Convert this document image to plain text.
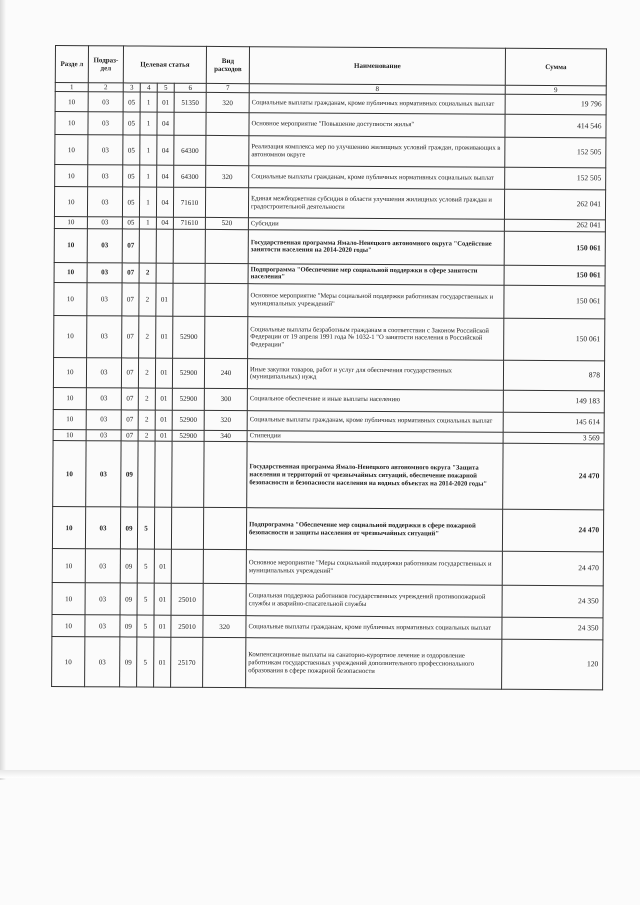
Разде л	Подраз- дел	Целевая статья				Вид расходов	Наименование	Сумма
1	2	3	4	5	6	7	8	9
10	03	05	1	01	51350	320	Социальные выплаты гражданам, кроме публичных нормативных социальных выплат	19 796
10	03	05	1	04			Основное мероприятие "Повышение доступности жилья"	414 546
10	03	05	1	04	64300		Реализация комплекса мер по улучшению жилищных условий граждан, проживающих в автономном округе	152 505
10	03	05	1	04	64300	320	Социальные выплаты гражданам, кроме публичных нормативных социальных выплат	152 505
10	03	05	1	04	71610		Единая межбюджетная субсидия в области улучшения жилищных условий граждан и градостроительной деятельности	262 041
10	03	05	1	04	71610	520	Субсидии	262 041
10	03	07					Государственная программа Ямало-Ненецкого автономного округа "Содействие занятости населения на 2014-2020 годы"	150 061
10	03	07	2				Подпрограмма "Обеспечение мер социальной поддержки в сфере занятости населения"	150 061
10	03	07	2	01			Основное мероприятие "Меры социальной поддержки работникам государственных и муниципальных учреждений"	150 061
10	03	07	2	01	52900		Социальные выплаты безработным гражданам в соответствии с Законом Российской Федерации от 19 апреля 1991 года № 1032-1 "О занятости населения в Российской Федерации"	150 061
10	03	07	2	01	52900	240	Иные закупки товаров, работ и услуг для обеспечения государственных (муниципальных) нужд	878
10	03	07	2	01	52900	300	Социальное обеспечение и иные выплаты населению	149 183
10	03	07	2	01	52900	320	Социальные выплаты гражданам, кроме публичных нормативных социальных выплат	145 614
10	03	07	2	01	52900	340	Стипендии	3 569
10	03	09					Государственная программа Ямало-Ненецкого автономного округа "Защита населения и территорий от чрезвычайных ситуаций, обеспечение пожарной безопасности и безопасности населения на водных объектах на 2014-2020 годы"	24 470
10	03	09	5				Подпрограмма "Обеспечение мер социальной поддержки в сфере пожарной безопасности и защиты населения от чрезвычайных ситуаций"	24 470
10	03	09	5	01			Основное мероприятие "Меры социальной поддержки работникам государственных и муниципальных учреждений"	24 470
10	03	09	5	01	25010		Социальная поддержка работников государственных учреждений противопожарной службы и аварийно-спасательной службы	24 350
10	03	09	5	01	25010	320	Социальные выплаты гражданам, кроме публичных нормативных социальных выплат	24 350
10	03	09	5	01	25170		Компенсационные выплаты на санаторно-курортное лечение и оздоровление работникам государственных учреждений дополнительного профессионального образования в сфере пожарной безопасности	120
